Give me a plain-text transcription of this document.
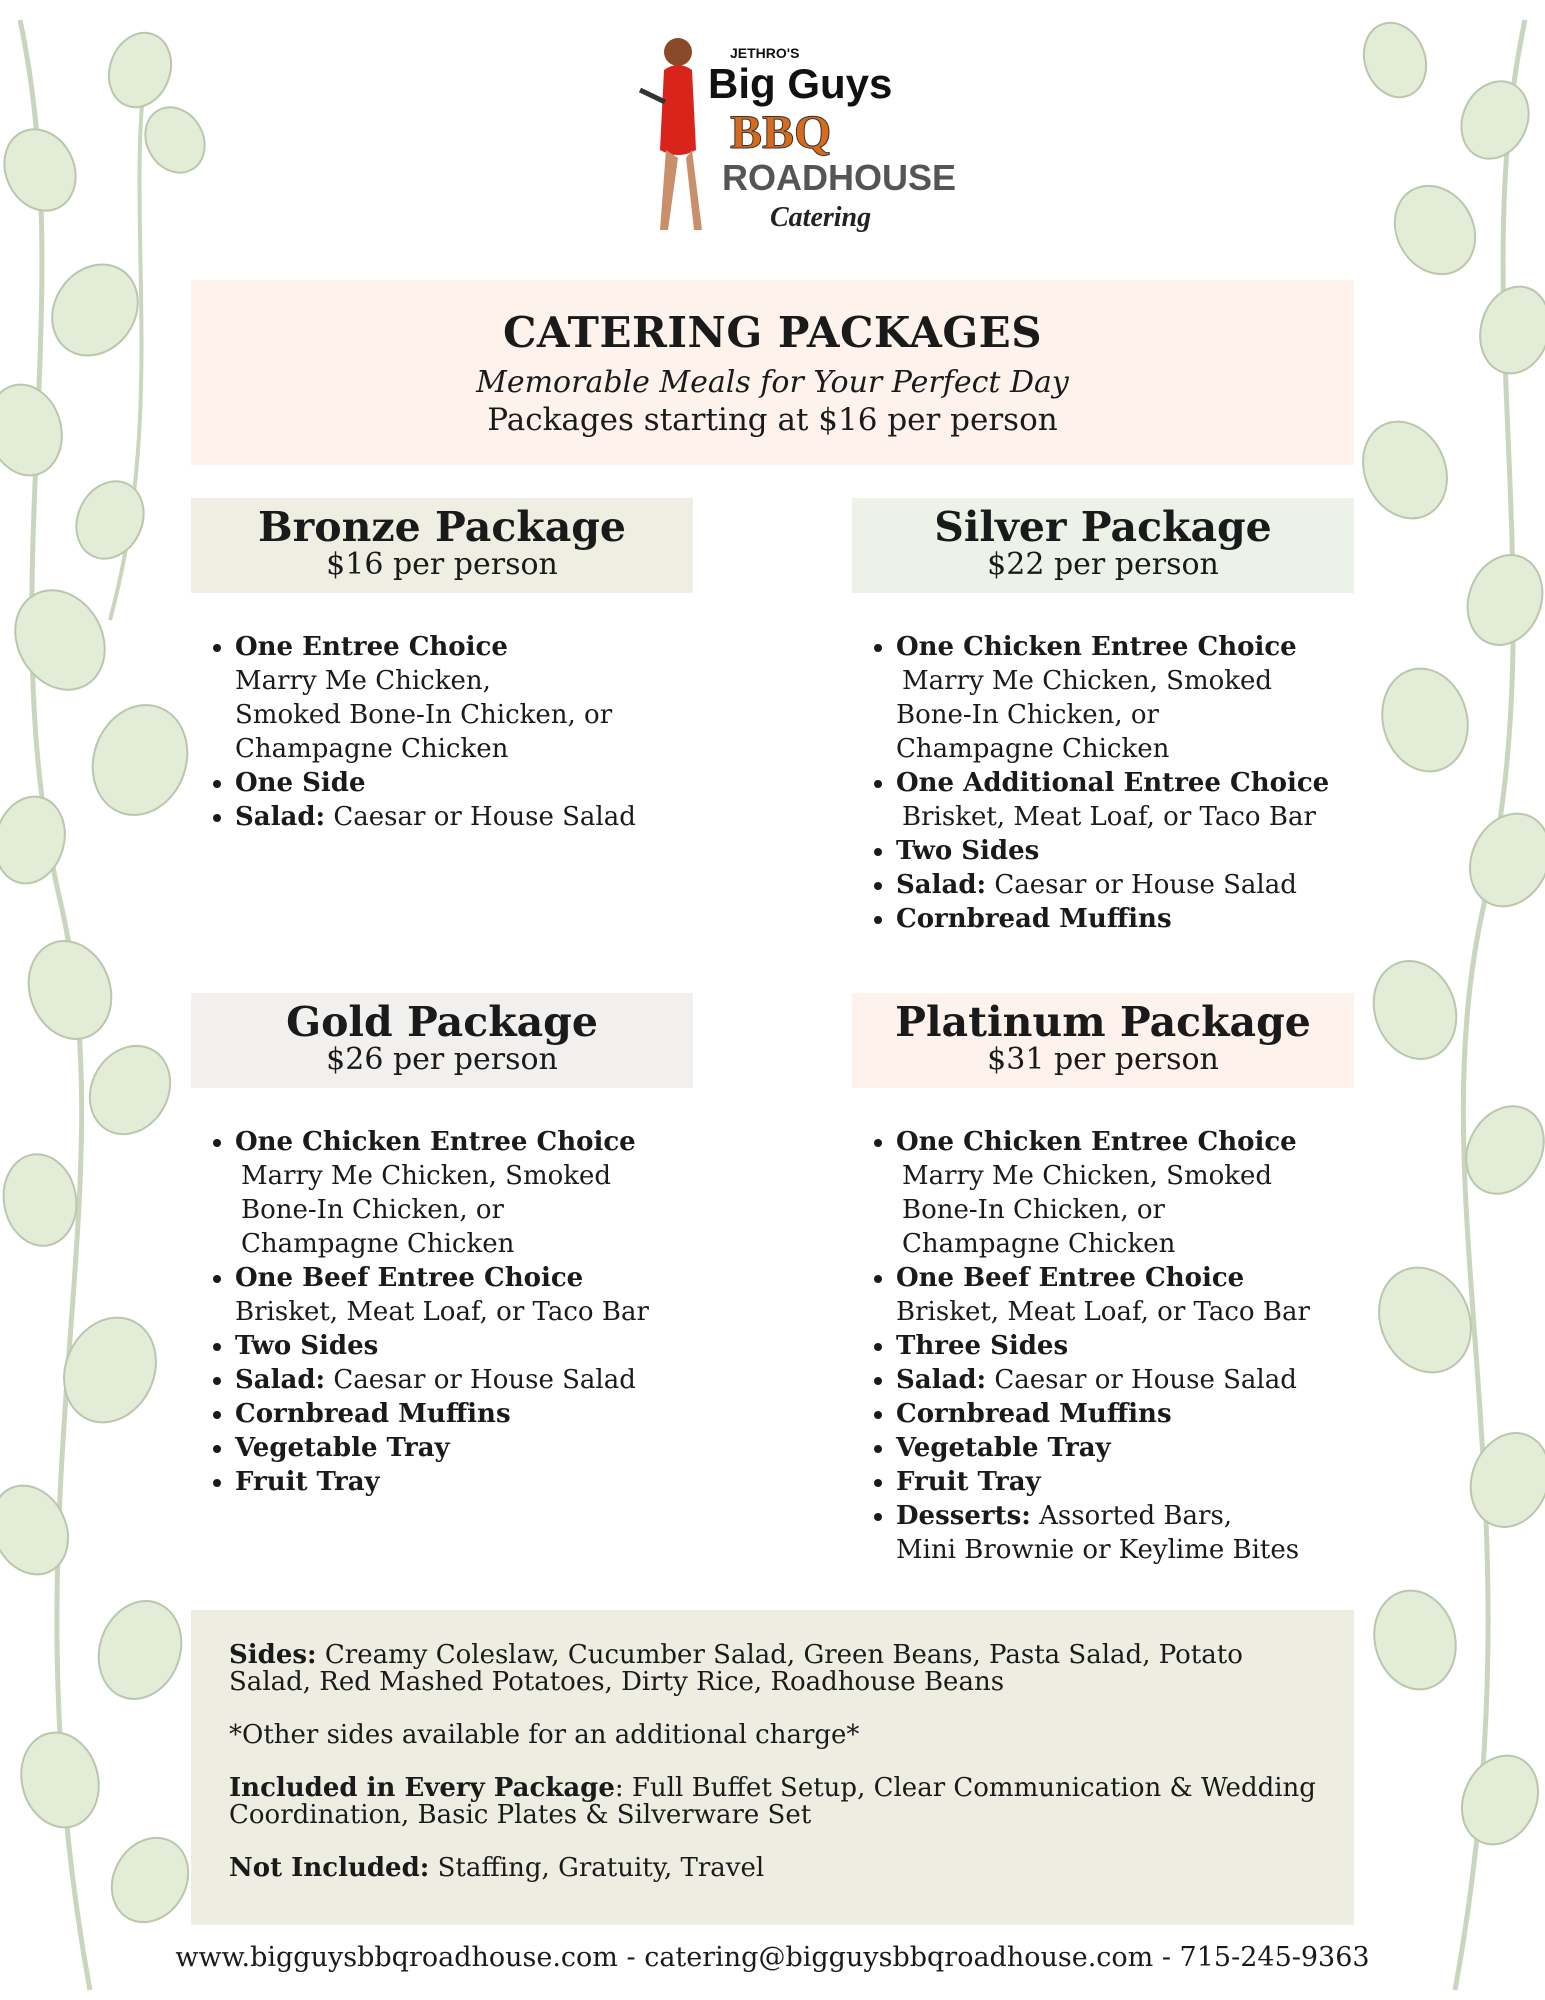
JETHRO'S
Big Guys
BBQ
ROADHOUSE
Catering
CATERING PACKAGES
Memorable Meals for Your Perfect Day
Packages starting at $16 per person
Bronze Package
$16 per person
Silver Package
$22 per person
Gold Package
$26 per person
Platinum Package
$31 per person
• One Entree Choice
Marry Me Chicken,
Smoked Bone-In Chicken, or
Champagne Chicken
• One Side
• Salad: Caesar or House Salad
• One Chicken Entree Choice
Marry Me Chicken, Smoked
Bone-In Chicken, or
Champagne Chicken
• One Additional Entree Choice
Brisket, Meat Loaf, or Taco Bar
• Two Sides
• Salad: Caesar or House Salad
• Cornbread Muffins
• One Chicken Entree Choice
Marry Me Chicken, Smoked
Bone-In Chicken, or
Champagne Chicken
• One Beef Entree Choice
Brisket, Meat Loaf, or Taco Bar
• Two Sides
• Salad: Caesar or House Salad
• Cornbread Muffins
• Vegetable Tray
• Fruit Tray
• One Chicken Entree Choice
Marry Me Chicken, Smoked
Bone-In Chicken, or
Champagne Chicken
• One Beef Entree Choice
Brisket, Meat Loaf, or Taco Bar
• Three Sides
• Salad: Caesar or House Salad
• Cornbread Muffins
• Vegetable Tray
• Fruit Tray
• Desserts: Assorted Bars,
Mini Brownie or Keylime Bites

Sides: Creamy Coleslaw, Cucumber Salad, Green Beans, Pasta Salad, Potato Salad, Red Mashed Potatoes, Dirty Rice, Roadhouse Beans

*Other sides available for an additional charge*

Included in Every Package: Full Buffet Setup, Clear Communication & Wedding Coordination, Basic Plates & Silverware Set

Not Included: Staffing, Gratuity, Travel

www.bigguysbbqroadhouse.com - catering@bigguysbbqroadhouse.com - 715-245-9363
